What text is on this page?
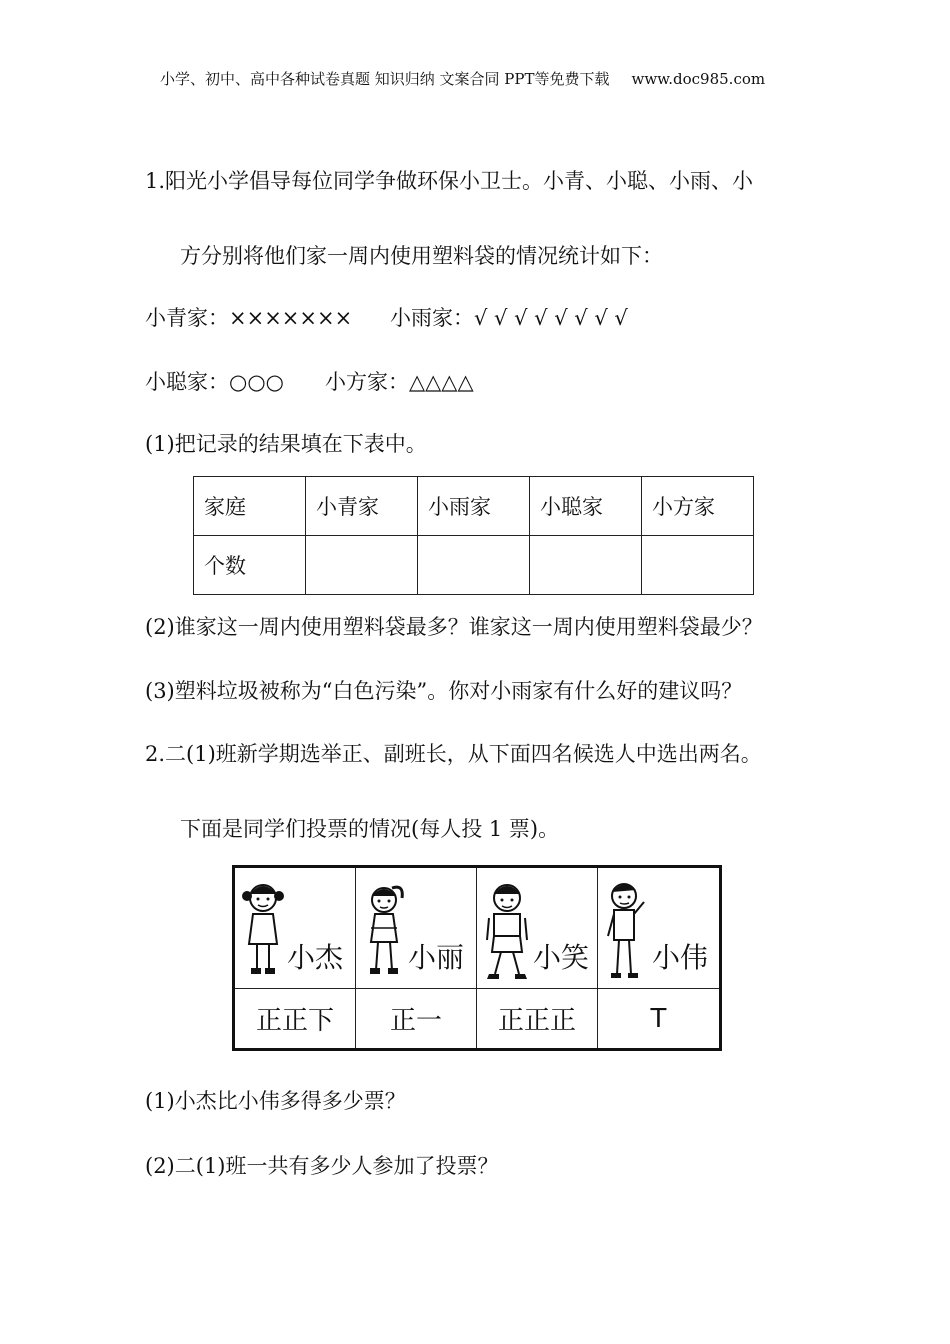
小学、初中、高中各种试卷真题 知识归纳 文案合同 PPT等免费下载 www.doc985.com
1.阳光小学倡导每位同学争做环保小卫士。小青、小聪、小雨、小
方分别将他们家一周内使用塑料袋的情况统计如下：
小青家：××××××× 小雨家：√ √ √ √ √ √ √ √
小聪家：○○○ 小方家：△△△△
(1)把记录的结果填在下表中。
家庭	小青家	小雨家	小聪家	小方家
个数				
(2)谁家这一周内使用塑料袋最多？谁家这一周内使用塑料袋最少？
(3)塑料垃圾被称为“白色污染”。你对小雨家有什么好的建议吗？
2.二(1)班新学期选举正、副班长，从下面四名候选人中选出两名。
下面是同学们投票的情况(每人投 1 票)。
小杰 小丽 小笑 小伟
正正下	正一	正正正	T
(1)小杰比小伟多得多少票？
(2)二(1)班一共有多少人参加了投票？
